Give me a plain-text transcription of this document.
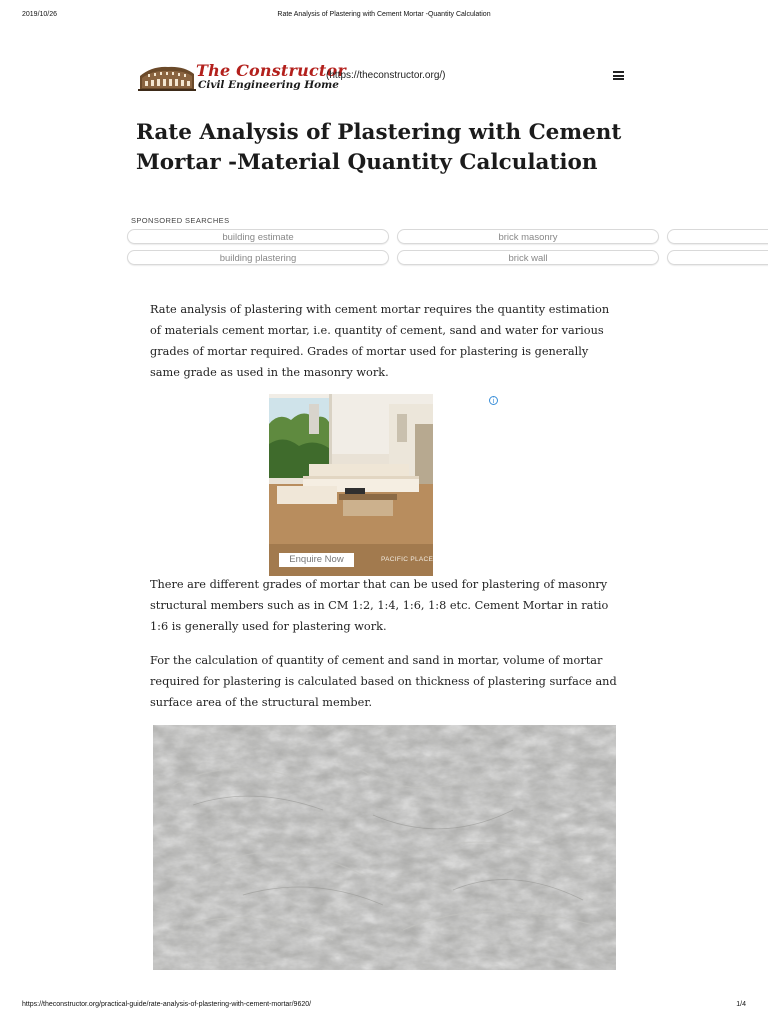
2019/10/26	Rate Analysis of Plastering with Cement Mortar -Quantity Calculation
The Constructor
Civil Engineering Home
(https://theconstructor.org/)
Rate Analysis of Plastering with Cement Mortar -Material Quantity Calculation
SPONSORED SEARCHES
building estimate	brick masonry
building plastering	brick wall

Rate analysis of plastering with cement mortar requires the quantity estimation of materials cement mortar, i.e. quantity of cement, sand and water for various grades of mortar required. Grades of mortar used for plastering is generally same grade as used in the masonry work.

i
Enquire Now	PACIFIC PLACE

There are different grades of mortar that can be used for plastering of masonry structural members such as in CM 1:2, 1:4, 1:6, 1:8 etc. Cement Mortar in ratio 1:6 is generally used for plastering work.

For the calculation of quantity of cement and sand in mortar, volume of mortar required for plastering is calculated based on thickness of plastering surface and surface area of the structural member.

https://theconstructor.org/practical-guide/rate-analysis-of-plastering-with-cement-mortar/9620/	1/4
